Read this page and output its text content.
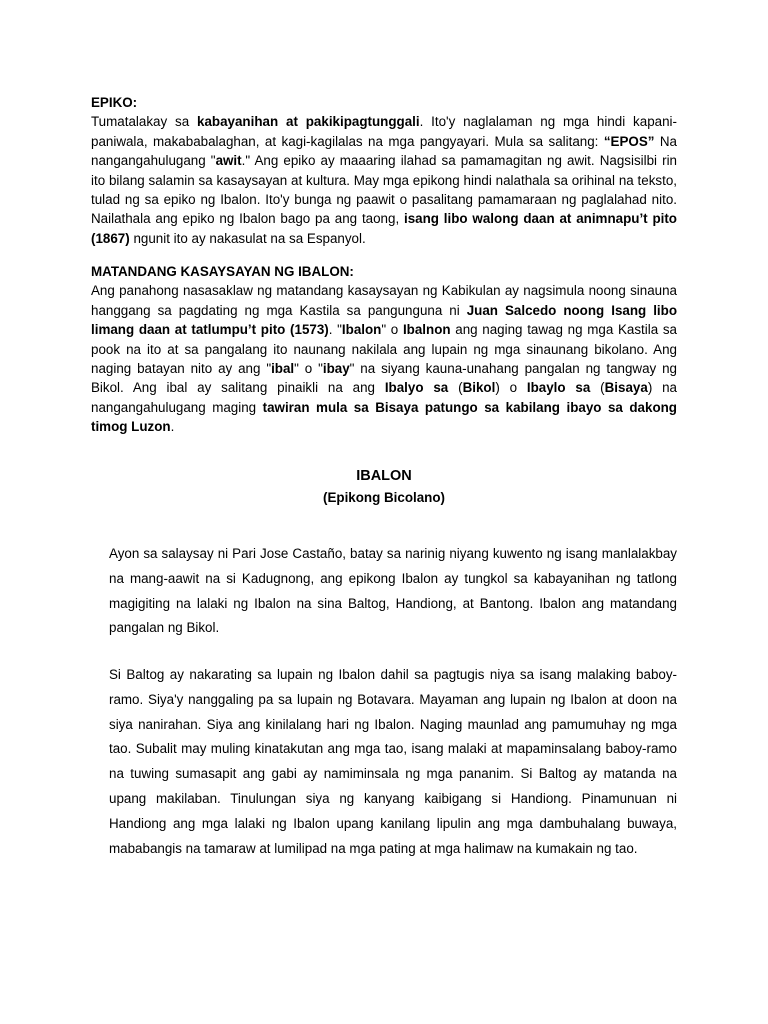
EPIKO:
Tumatalakay sa kabayanihan at pakikipagtunggali. Ito'y naglalaman ng mga hindi kapani-paniwala, makababalaghan, at kagi-kagilalas na mga pangyayari. Mula sa salitang: “EPOS” Na nangangahulugang "awit." Ang epiko ay maaaring ilahad sa pamamagitan ng awit. Nagsisilbi rin ito bilang salamin sa kasaysayan at kultura. May mga epikong hindi nalathala sa orihinal na teksto, tulad ng sa epiko ng Ibalon. Ito'y bunga ng paawit o pasalitang pamamaraan ng paglalahad nito. Nailathala ang epiko ng Ibalon bago pa ang taong, isang libo walong daan at animnapu’t pito (1867) ngunit ito ay nakasulat na sa Espanyol.
MATANDANG KASAYSAYAN NG IBALON:
Ang panahong nasasaklaw ng matandang kasaysayan ng Kabikulan ay nagsimula noong sinauna hanggang sa pagdating ng mga Kastila sa pangunguna ni Juan Salcedo noong Isang libo limang daan at tatlumpu’t pito (1573). "Ibalon" o Ibalnon ang naging tawag ng mga Kastila sa pook na ito at sa pangalang ito naunang nakilala ang lupain ng mga sinaunang bikolano. Ang naging batayan nito ay ang "ibal" o "ibay" na siyang kauna-unahang pangalan ng tangway ng Bikol. Ang ibal ay salitang pinaikli na ang Ibalyo sa (Bikol) o Ibaylo sa (Bisaya) na nangangahulugang maging tawiran mula sa Bisaya patungo sa kabilang ibayo sa dakong timog Luzon.
IBALON
(Epikong Bicolano)
Ayon sa salaysay ni Pari Jose Castaño, batay sa narinig niyang kuwento ng isang manlalakbay na mang-aawit na si Kadugnong, ang epikong Ibalon ay tungkol sa kabayanihan ng tatlong magigiting na lalaki ng Ibalon na sina Baltog, Handiong, at Bantong. Ibalon ang matandang pangalan ng Bikol.
Si Baltog ay nakarating sa lupain ng Ibalon dahil sa pagtugis niya sa isang malaking baboy-ramo. Siya'y nanggaling pa sa lupain ng Botavara. Mayaman ang lupain ng Ibalon at doon na siya nanirahan. Siya ang kinilalang hari ng Ibalon. Naging maunlad ang pamumuhay ng mga tao. Subalit may muling kinatakutan ang mga tao, isang malaki at mapaminsalang baboy-ramo na tuwing sumasapit ang gabi ay namiminsala ng mga pananim. Si Baltog ay matanda na upang makilaban. Tinulungan siya ng kanyang kaibigang si Handiong. Pinamunuan ni Handiong ang mga lalaki ng Ibalon upang kanilang lipulin ang mga dambuhalang buwaya, mababangis na tamaraw at lumilipad na mga pating at mga halimaw na kumakain ng tao.
